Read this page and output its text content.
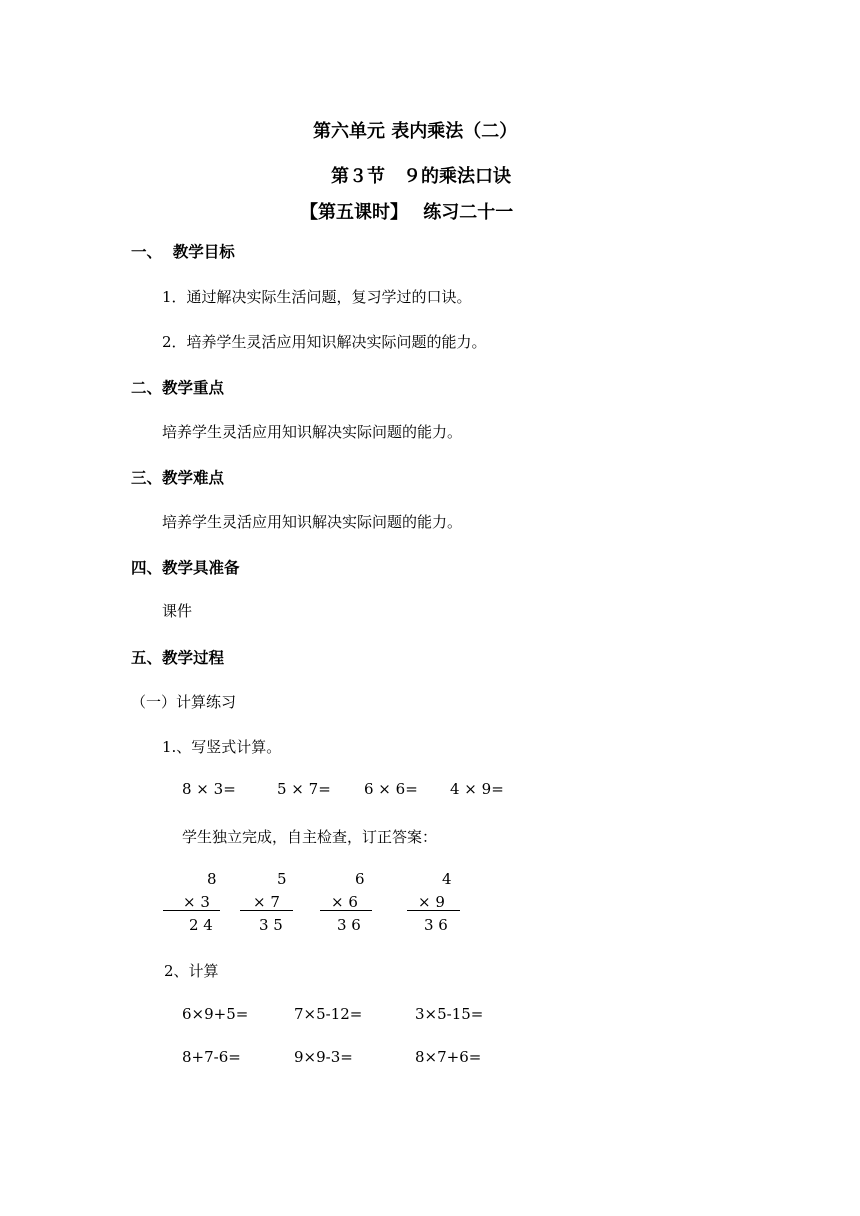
第六单元 表内乘法（二）
第３节　９的乘法口诀
【第五课时】　 练习二十一
一、  教学目标
1．通过解决实际生活问题，复习学过的口诀。
2．培养学生灵活应用知识解决实际问题的能力。
二、教学重点
培养学生灵活应用知识解决实际问题的能力。
三、教学难点
培养学生灵活应用知识解决实际问题的能力。
四、教学具准备
课件
五、教学过程
（一）计算练习
1.、写竖式计算。
8 × 3=	5 × 7= 6 × 6= 4 × 9=
学生独立完成，自主检查，订正答案：
8
× 3
2 4
5
× 7
3 5
6
× 6
3 6
4
× 9
3 6
2、计算
6×9+5=	7×5-12=	3×5-15=
8+7-6=	9×9-3=	8×7+6=
